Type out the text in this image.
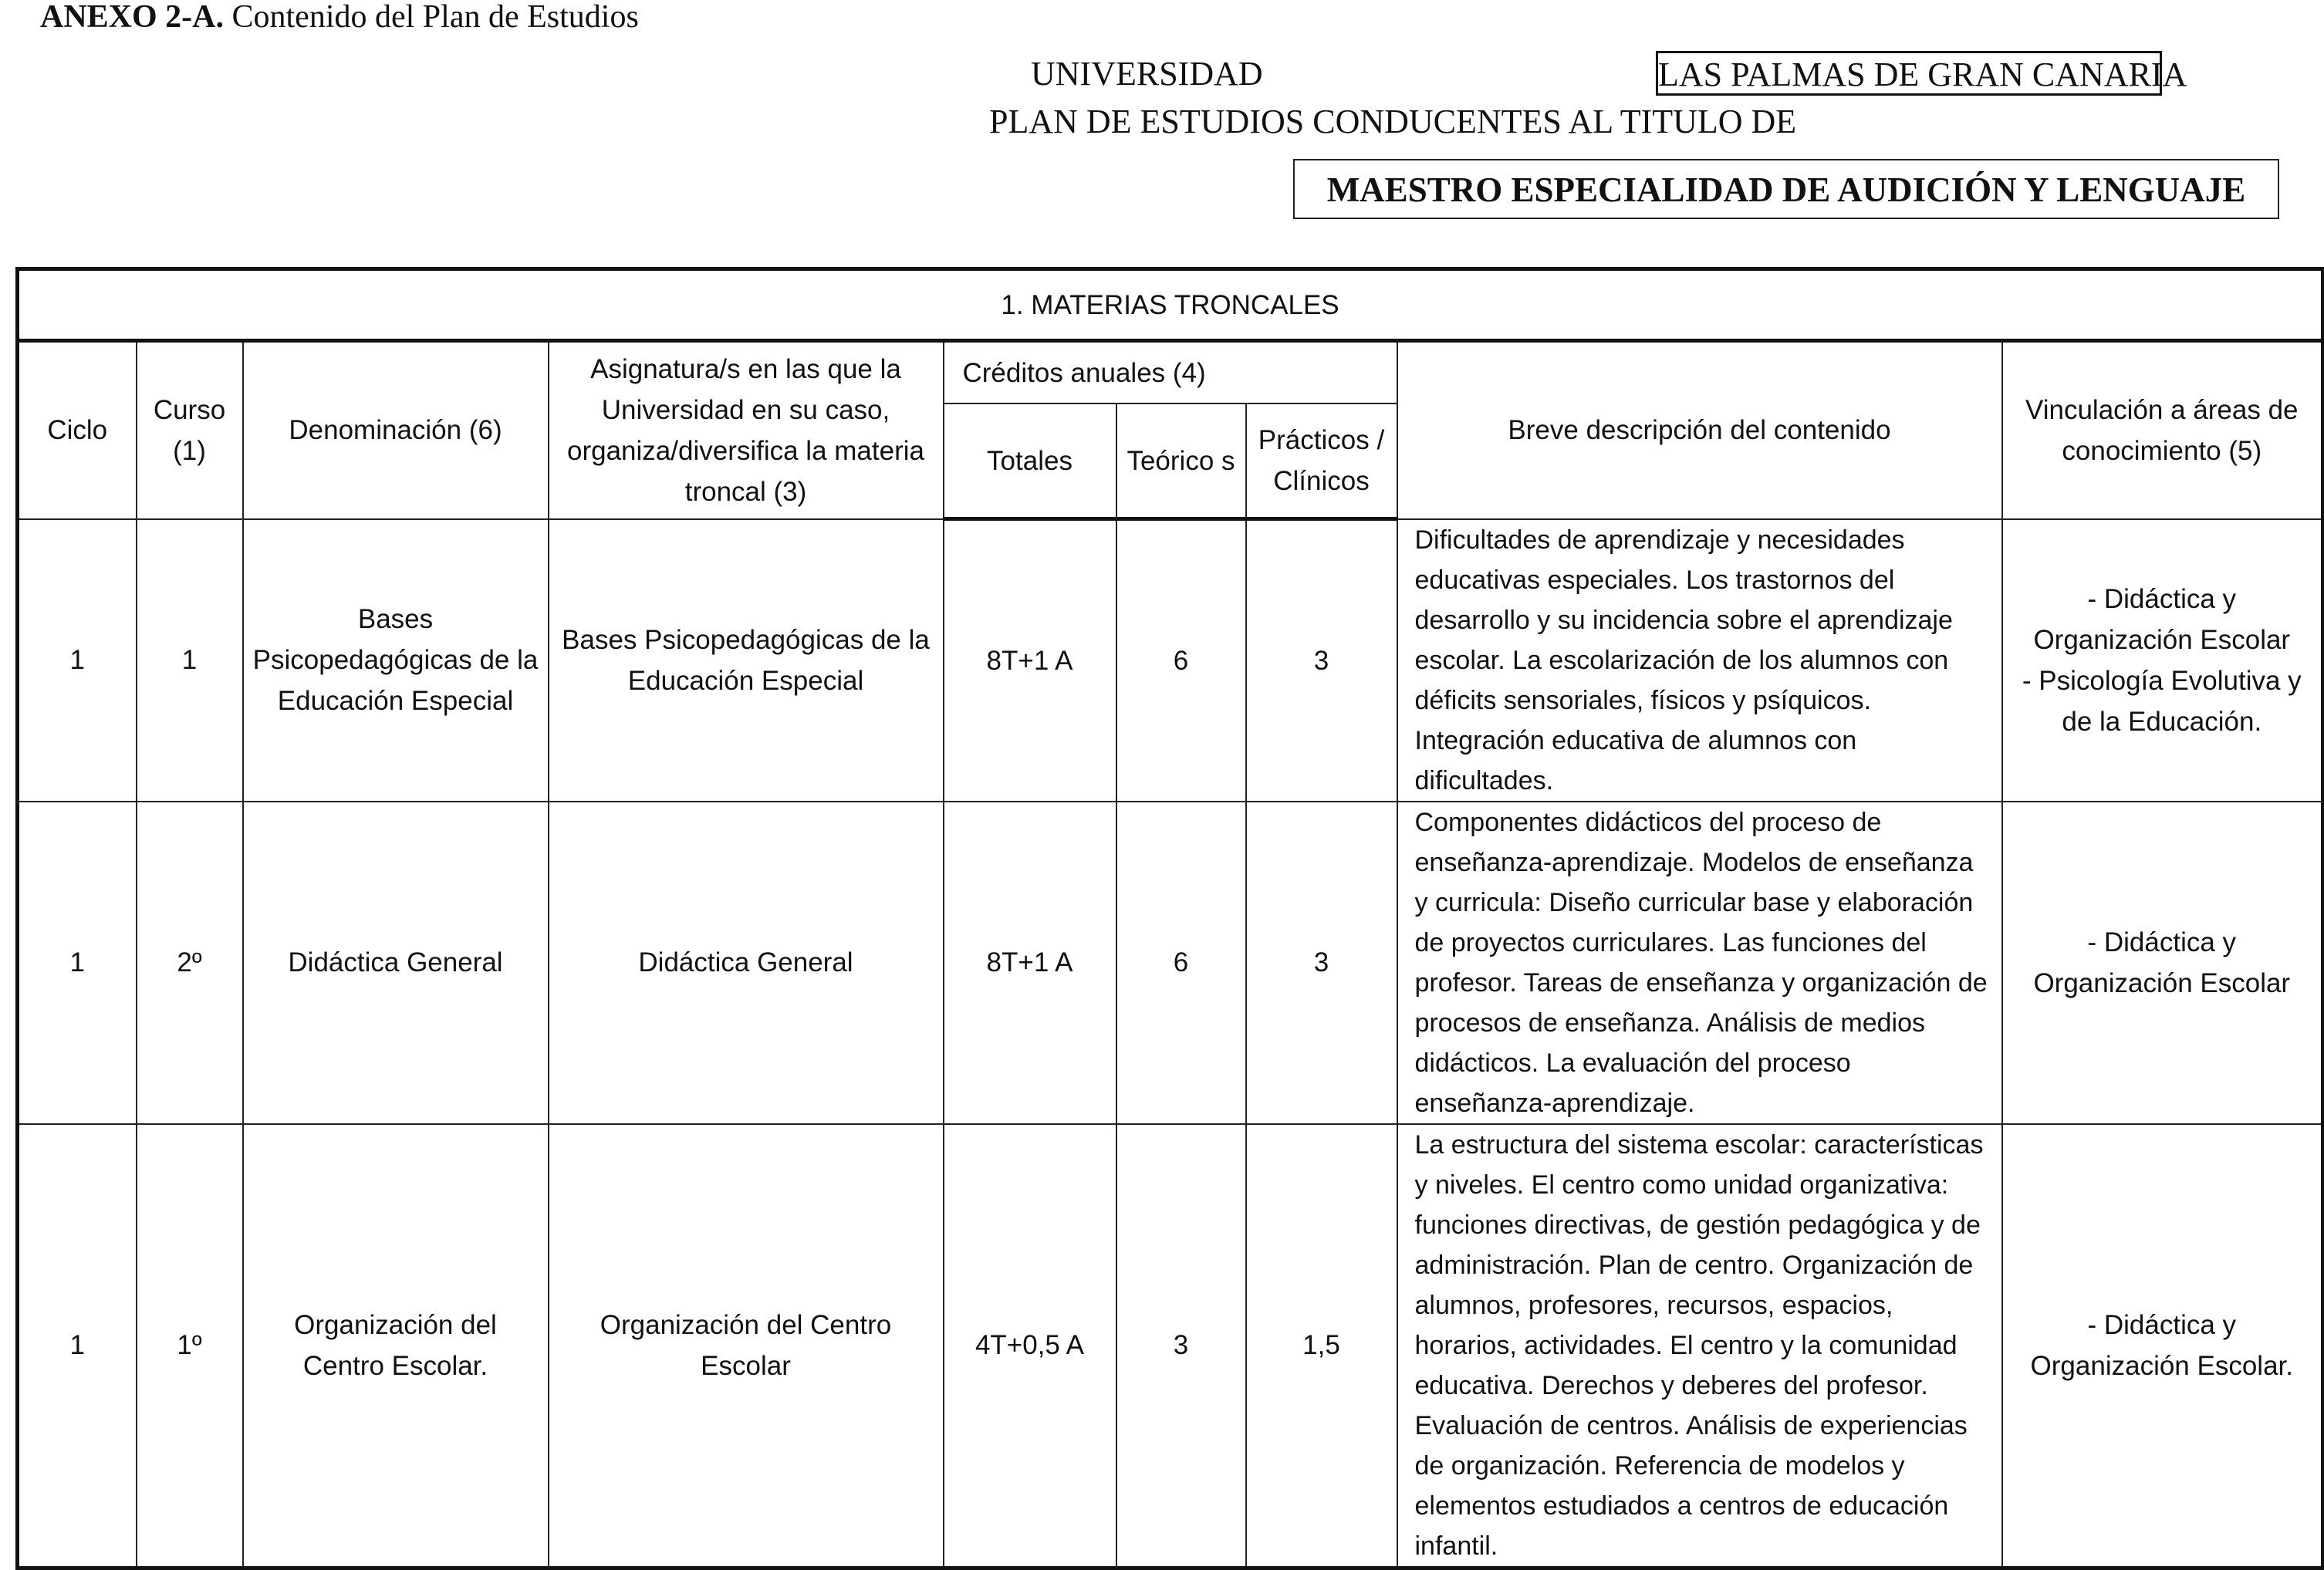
ANEXO 2-A. Contenido del Plan de Estudios
UNIVERSIDAD	LAS PALMAS DE GRAN CANARIA
PLAN DE ESTUDIOS CONDUCENTES AL TITULO DE
MAESTRO ESPECIALIDAD DE AUDICIÓN Y LENGUAJE
1. MATERIAS TRONCALES								
Ciclo	Curso (1)	Denominación (6)	Asignatura/s en las que la Universidad en su caso, organiza/diversifica la materia troncal (3)	Créditos anuales (4)			Breve descripción del contenido	Vinculación a áreas de conocimiento (5)
				Totales	Teórico s	Prácticos / Clínicos		
1	1	Bases Psicopedagógicas de la Educación Especial	Bases Psicopedagógicas de la Educación Especial	8T+1 A	6	3	Dificultades de aprendizaje y necesidades educativas especiales. Los trastornos del desarrollo y su incidencia sobre el aprendizaje escolar. La escolarización de los alumnos con déficits sensoriales, físicos y psíquicos. Integración educativa de alumnos con dificultades.	- Didáctica y Organización Escolar
- Psicología Evolutiva y de la Educación.

1	2º	Didáctica General	Didáctica General	8T+1 A	6	3	Componentes didácticos del proceso de enseñanza-aprendizaje. Modelos de enseñanza y curricula: Diseño curricular base y elaboración de proyectos curriculares. Las funciones del profesor. Tareas de enseñanza y organización de procesos de enseñanza. Análisis de medios didácticos. La evaluación del proceso enseñanza-aprendizaje.	- Didáctica y Organización Escolar

1	1º	Organización del Centro Escolar.	Organización del Centro Escolar	4T+0,5 A	3	1,5	La estructura del sistema escolar: características y niveles. El centro como unidad organizativa: funciones directivas, de gestión pedagógica y de administración. Plan de centro. Organización de alumnos, profesores, recursos, espacios, horarios, actividades. El centro y la comunidad educativa. Derechos y deberes del profesor. Evaluación de centros. Análisis de experiencias de organización. Referencia de modelos y elementos estudiados a centros de educación infantil.	- Didáctica y Organización Escolar.
